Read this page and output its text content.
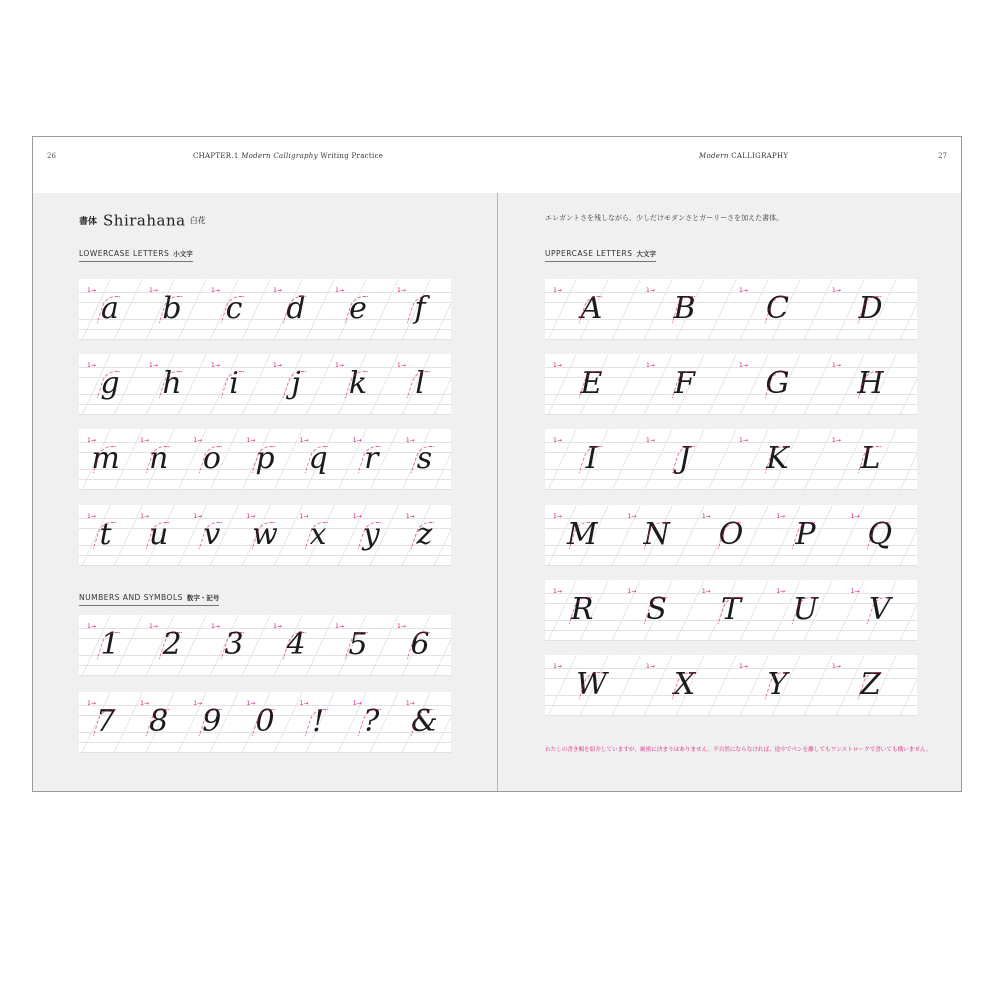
26	CHAPTER.1 Modern Calligraphy Writing Practice
書体 Shirahana 白花
LOWERCASE LETTERS 小文字
1→ a	1→ b	1→ c	1→ d	1→ e	1→ f
1→ g	1→ h	1→ i	1→ j	1→ k	1→ l
1→ m 1→ n	1→ o	1→ p	1→ q	1→ r	1→ s
1→ t	1→ u	1→ v	1→ w	1→ x	1→ y	1→ z
NUMBERS AND SYMBOLS 数字・記号
1→ 1	1→ 2	1→ 3	1→ 4	1→ 5	1→ 6
1→ 7	1→ 8	1→ 9	1→ 0	1→ !	1→ ?	1→ &
Modern CALLIGRAPHY	27
エレガントさを残しながら、少しだけモダンさとガーリーさを加えた書体。
UPPERCASE LETTERS 大文字
1→ A	1→ B	1→ C	1→ D
1→ E	1→ F	1→ G	1→ H
1→ I	1→ J	1→ K	1→ L
1→ M	1→ N	1→ O	1→ P	1→ Q
1→ R	1→ S	1→ T	1→ U	1→ V
1→ W	1→ X	1→ Y	1→ Z
わたしの書き順を紹介していますが、厳密に決まりはありません。不自然にならなければ、途中でペンを離してもワンストロークで書いても構いません。
